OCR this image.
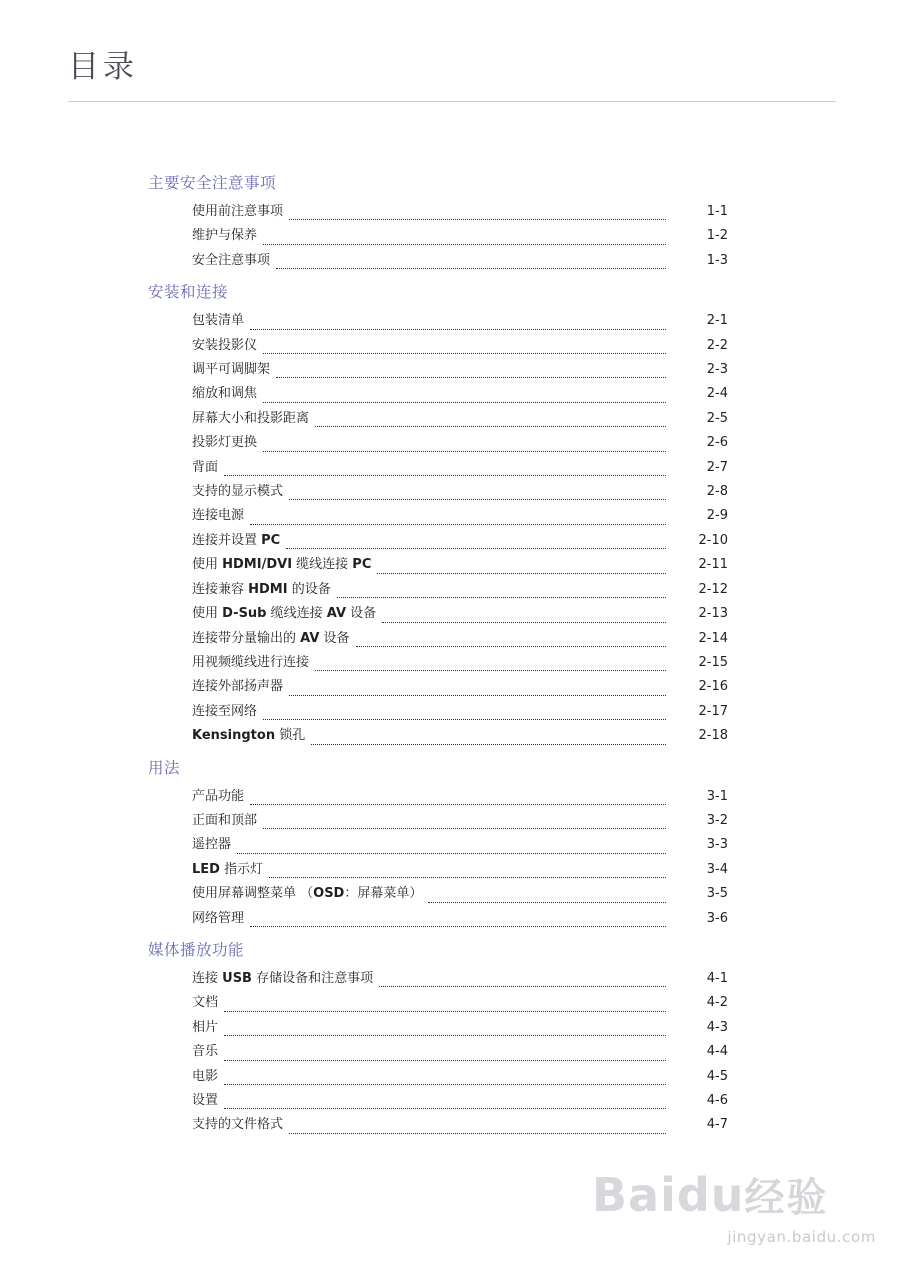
目录
主要安全注意事项
使用前注意事项	1-1
维护与保养	1-2
安全注意事项	1-3
安装和连接
包装清单	2-1
安装投影仪	2-2
调平可调脚架	2-3
缩放和调焦	2-4
屏幕大小和投影距离	2-5
投影灯更换	2-6
背面	2-7
支持的显示模式	2-8
连接电源	2-9
连接并设置 PC	2-10
使用 HDMI/DVI 缆线连接 PC	2-11
连接兼容 HDMI 的设备	2-12
使用 D-Sub 缆线连接 AV 设备	2-13
连接带分量输出的 AV 设备	2-14
用视频缆线进行连接	2-15
连接外部扬声器	2-16
连接至网络	2-17
Kensington 锁孔	2-18
用法
产品功能	3-1
正面和顶部	3-2
遥控器	3-3
LED 指示灯	3-4
使用屏幕调整菜单 （OSD：屏幕菜单）	3-5
网络管理	3-6
媒体播放功能
连接 USB 存储设备和注意事项	4-1
文档	4-2
相片	4-3
音乐	4-4
电影	4-5
设置	4-6
支持的文件格式	4-7
Baidu经验
jingyan.baidu.com
